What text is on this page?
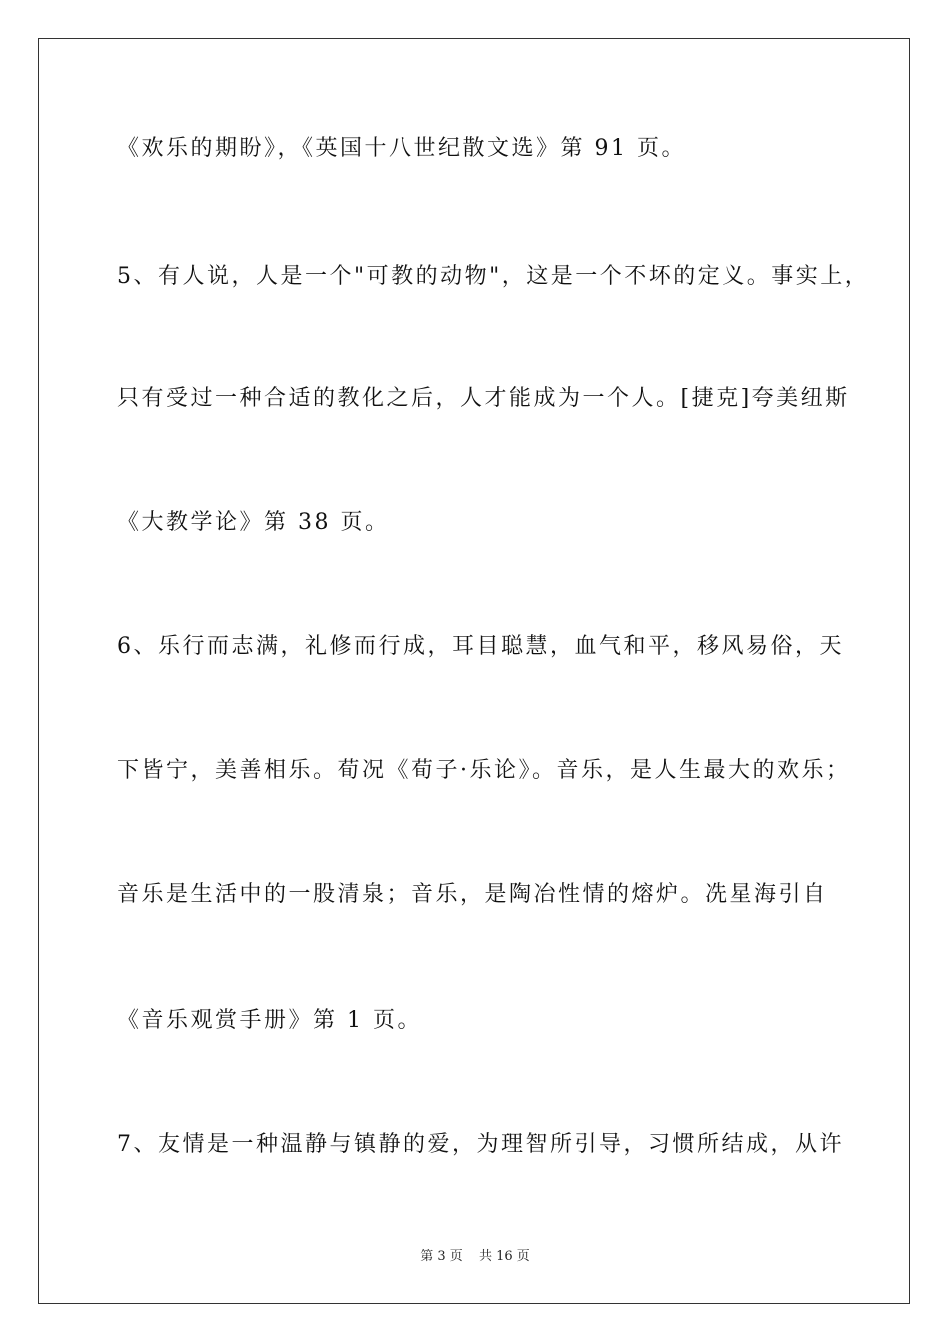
《欢乐的期盼》，《英国十八世纪散文选》第 91 页。
5、有人说，人是一个"可教的动物"，这是一个不坏的定义。事实上，
只有受过一种合适的教化之后，人才能成为一个人。[捷克]夸美纽斯
《大教学论》第 38 页。
6、乐行而志满，礼修而行成，耳目聪慧，血气和平，移风易俗，天
下皆宁，美善相乐。荀况《荀子·乐论》。音乐，是人生最大的欢乐；
音乐是生活中的一股清泉；音乐，是陶冶性情的熔炉。冼星海引自
《音乐观赏手册》第 1 页。
7、友情是一种温静与镇静的爱，为理智所引导，习惯所结成，从许
第 3 页 共 16 页
